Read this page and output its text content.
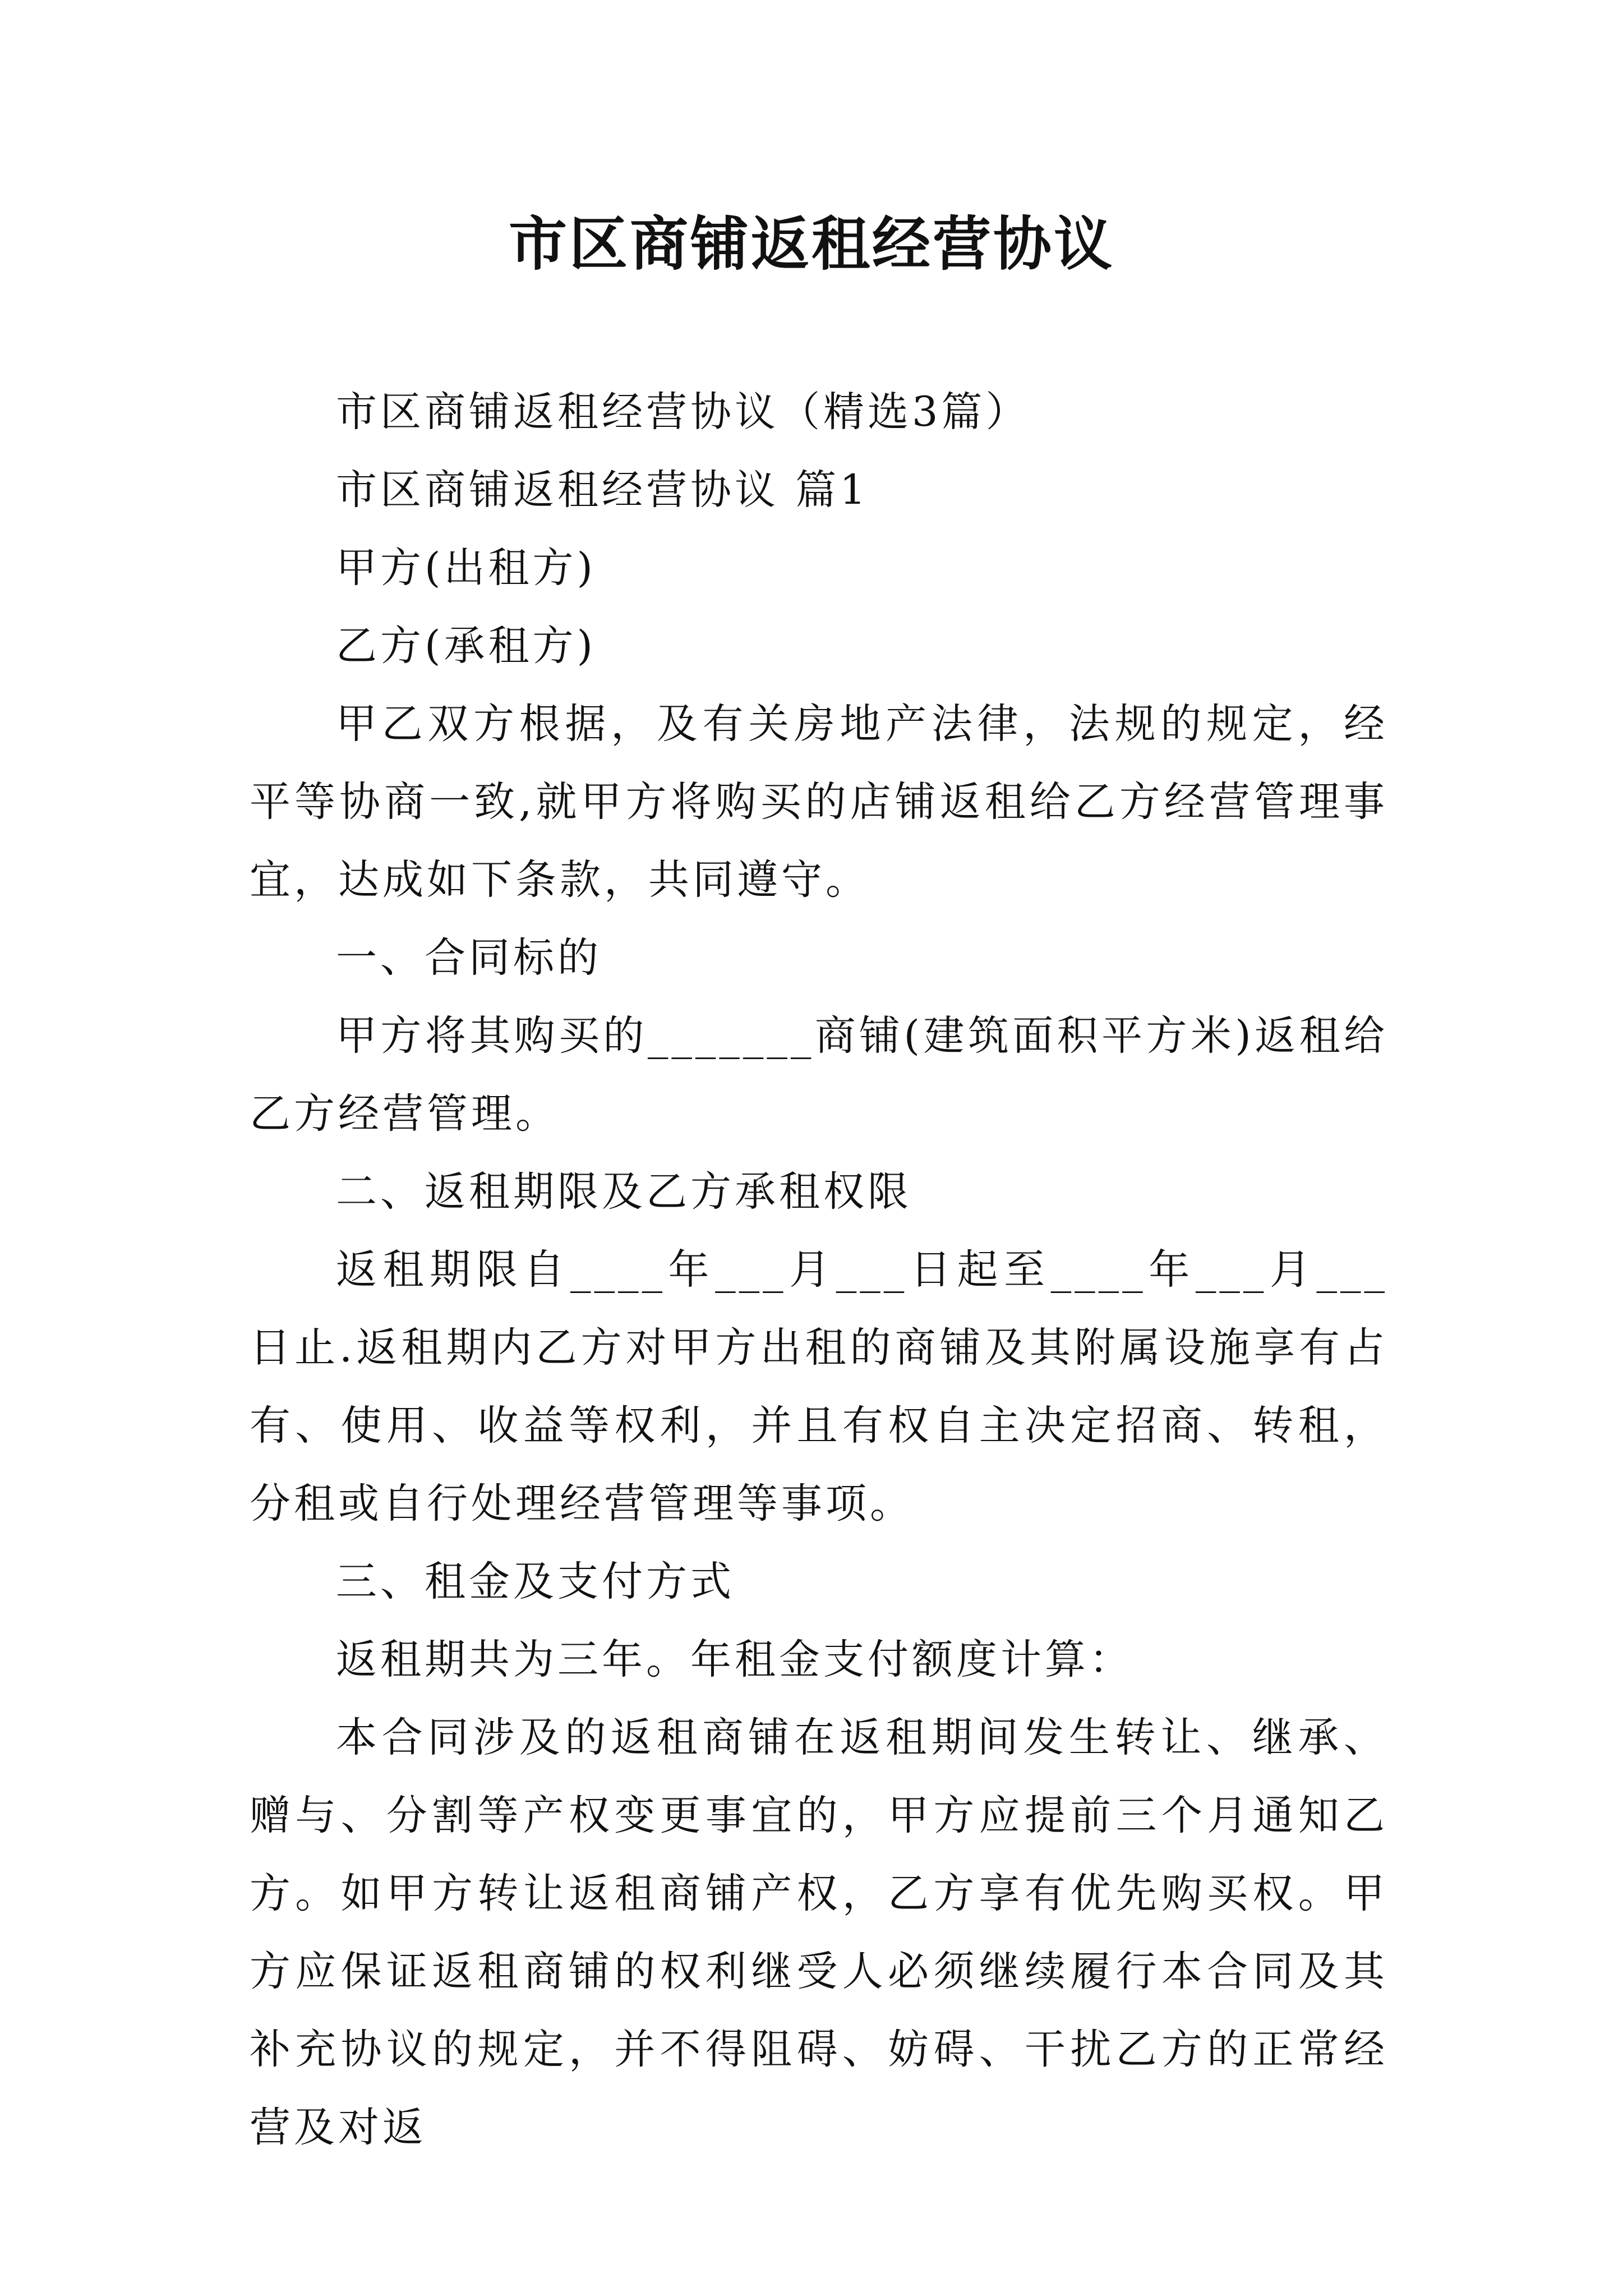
市区商铺返租经营协议

市区商铺返租经营协议（精选3篇）

市区商铺返租经营协议 篇1

甲方(出租方)

乙方(承租方)

甲乙双方根据，及有关房地产法律，法规的规定，经平等协商一致,就甲方将购买的店铺返租给乙方经营管理事宜，达成如下条款，共同遵守。

一、合同标的

甲方将其购买的_______商铺(建筑面积平方米)返租给乙方经营管理。

二、返租期限及乙方承租权限

返租期限自____年___月___日起至____年___月___日止.返租期内乙方对甲方出租的商铺及其附属设施享有占有、使用、收益等权利，并且有权自主决定招商、转租，分租或自行处理经营管理等事项。

三、租金及支付方式

返租期共为三年。年租金支付额度计算：

本合同涉及的返租商铺在返租期间发生转让、继承、赠与、分割等产权变更事宜的，甲方应提前三个月通知乙方。如甲方转让返租商铺产权，乙方享有优先购买权。甲方应保证返租商铺的权利继受人必须继续履行本合同及其补充协议的规定，并不得阻碍、妨碍、干扰乙方的正常经营及对返
